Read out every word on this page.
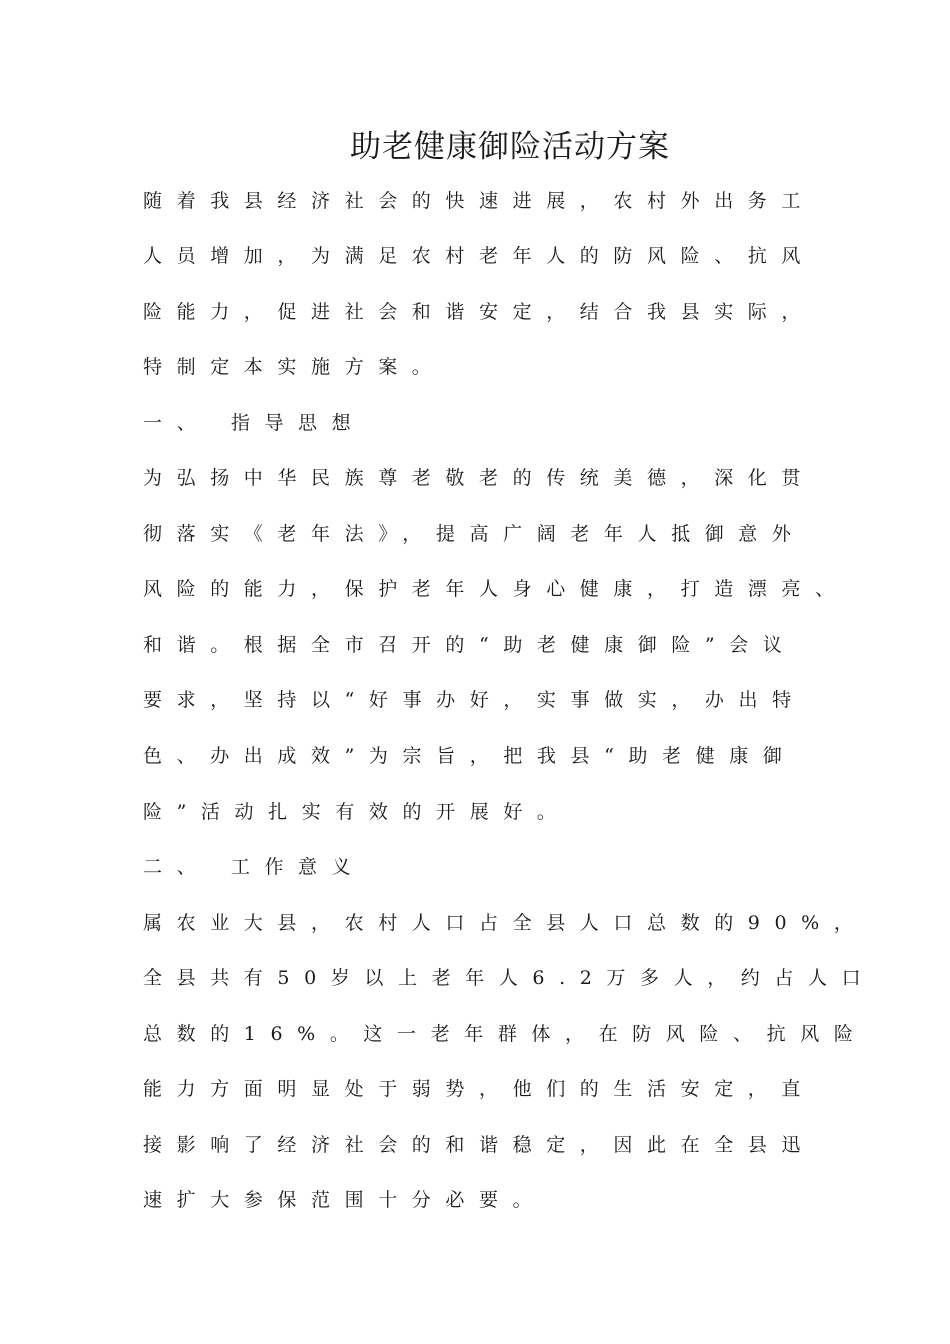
助老健康御险活动方案
随着我县经济社会的快速进展，农村外出务工
人员增加，为满足农村老年人的防风险、抗风
险能力，促进社会和谐安定，结合我县实际，
特制定本实施方案。
一、 指导思想
为弘扬中华民族尊老敬老的传统美德，深化贯
彻落实《老年法》，提高广阔老年人抵御意外
风险的能力，保护老年人身心健康，打造漂亮、
和谐。根据全市召开的“助老健康御险”会议
要求，坚持以“好事办好，实事做实，办出特
色、办出成效”为宗旨，把我县“助老健康御
险”活动扎实有效的开展好。
二、 工作意义
属农业大县，农村人口占全县人口总数的90%，
全县共有50岁以上老年人6.2万多人，约占人口
总数的16%。这一老年群体，在防风险、抗风险
能力方面明显处于弱势，他们的生活安定，直
接影响了经济社会的和谐稳定，因此在全县迅
速扩大参保范围十分必要。
